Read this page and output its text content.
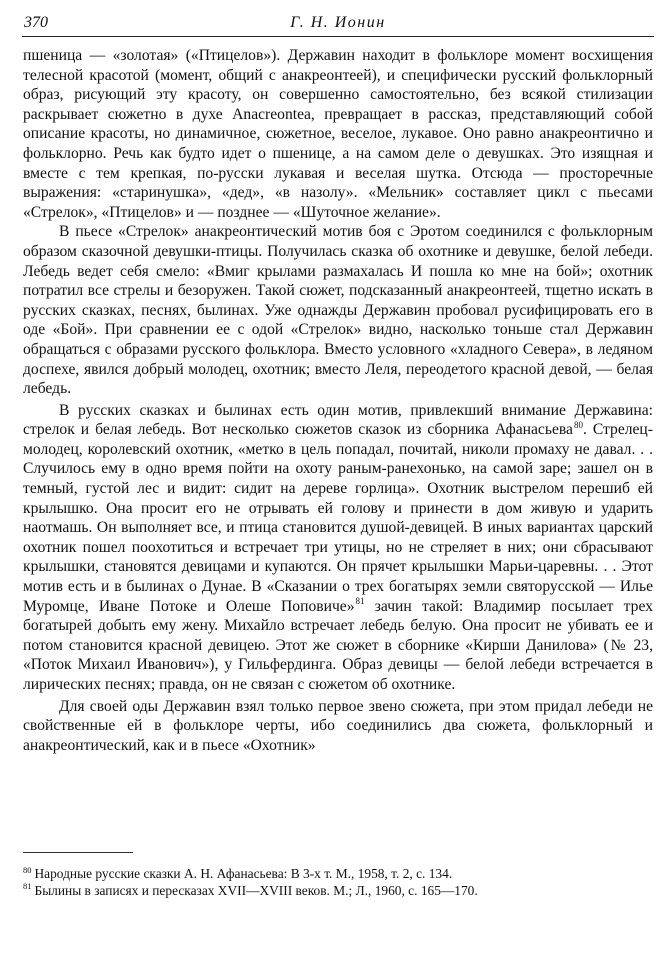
370	Г. Н. Ионин

пшеница — «золотая» («Птицелов»). Державин находит в фольклоре момент восхищения телесной красотой (момент, общий с анакреонтеей), и специфически русский фольклорный образ, рисующий эту красоту, он совершенно самостоятельно, без всякой стилизации раскрывает сюжетно в духе Anacreontea, превращает в рассказ, представляющий собой описание красоты, но динамичное, сюжетное, веселое, лукавое. Оно равно анакреонтично и фольклорно. Речь как будто идет о пшенице, а на самом деле о девушках. Это изящная и вместе с тем крепкая, по-русски лукавая и веселая шутка. Отсюда — просторечные выражения: «старинушка», «дед», «в назолу». «Мельник» составляет цикл с пьесами «Стрелок», «Птицелов» и — позднее — «Шуточное желание».

В пьесе «Стрелок» анакреонтический мотив боя с Эротом соединился с фольклорным образом сказочной девушки-птицы. Получилась сказка об охотнике и девушке, белой лебеди. Лебедь ведет себя смело: «Вмиг крылами размахалась И пошла ко мне на бой»; охотник потратил все стрелы и безоружен. Такой сюжет, подсказанный анакреонтеей, тщетно искать в русских сказках, песнях, былинах. Уже однажды Державин пробовал русифицировать его в оде «Бой». При сравнении ее с одой «Стрелок» видно, насколько тоньше стал Державин обращаться с образами русского фольклора. Вместо условного «хладного Севера», в ледяном доспехе, явился добрый молодец, охотник; вместо Леля, переодетого красной девой, — белая лебедь.

В русских сказках и былинах есть один мотив, привлекший внимание Державина: стрелок и белая лебедь. Вот несколько сюжетов сказок из сборника Афанасьева$^{80}$. Стрелец-молодец, королевский охотник, «метко в цель попадал, почитай, николи промаху не давал. . . Случилось ему в одно время пойти на охоту раным-ранехонько, на самой заре; зашел он в темный, густой лес и видит: сидит на дереве горлица». Охотник выстрелом перешиб ей крылышко. Она просит его не отрывать ей голову и принести в дом живую и ударить наотмашь. Он выполняет все, и птица становится душой-девицей. В иных вариантах царский охотник пошел поохотиться и встречает три утицы, но не стреляет в них; они сбрасывают крылышки, становятся девицами и купаются. Он прячет крылышки Марьи-царевны. . . Этот мотив есть и в былинах о Дунае. В «Сказании о трех богатырях земли святорусской — Илье Муромце, Иване Потоке и Олеше Поповиче»$^{81}$ зачин такой: Владимир посылает трех богатырей добыть ему жену. Михайло встречает лебедь белую. Она просит не убивать ее и потом становится красной девицею. Этот же сюжет в сборнике «Кирши Данилова» (№ 23, «Поток Михаил Иванович»), у Гильфердинга. Образ девицы — белой лебеди встречается в лирических песнях; правда, он не связан с сюжетом об охотнике.

Для своей оды Державин взял только первое звено сюжета, при этом придал лебеди не свойственные ей в фольклоре черты, ибо соединились два сюжета, фольклорный и анакреонтический, как и в пьесе «Охотник»

$^{80}$ Народные русские сказки А. Н. Афанасьева: В 3-х т. М., 1958, т. 2, с. 134.

$^{81}$ Былины в записях и пересказах XVII—XVIII веков. М.; Л., 1960, с. 165—170.
